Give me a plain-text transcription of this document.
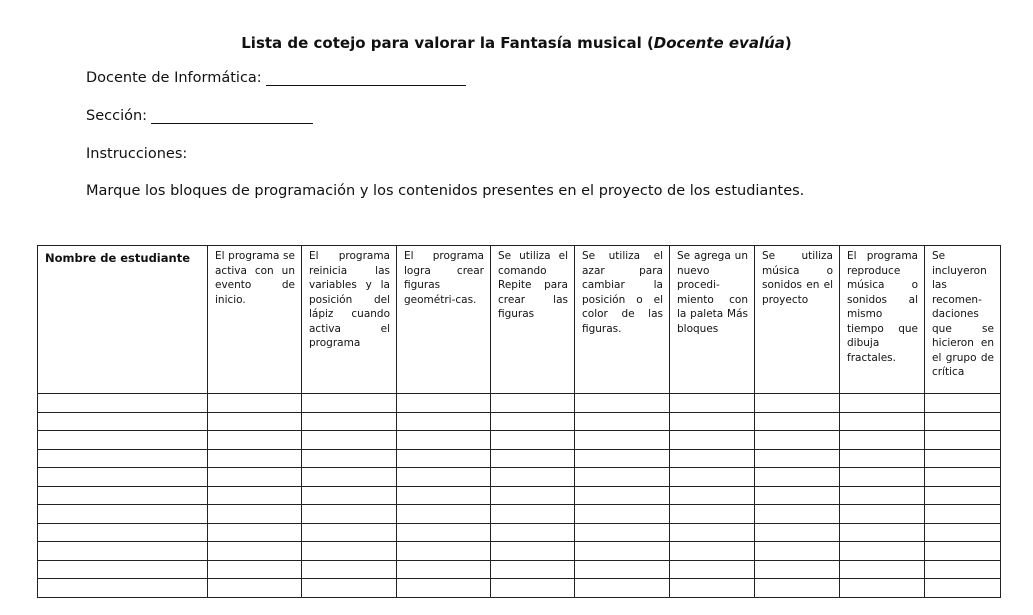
Lista de cotejo para valorar la Fantasía musical (Docente evalúa)
Docente de Informática:
Sección:
Instrucciones:
Marque los bloques de programación y los contenidos presentes en el proyecto de los estudiantes.
Nombre de estudiante	El programa se activa con un evento de inicio.	El programa reinicia las variables y la posición del lápiz cuando activa el programa	El programa logra crear figuras geométri-cas.	Se utiliza el comando Repite para crear las figuras	Se utiliza el azar para cambiar la posición o el color de las figuras.	Se agrega un nuevo procedi-miento con la paleta Más bloques	Se utiliza música o sonidos en el proyecto	El programa reproduce música o sonidos al mismo tiempo que dibuja fractales.	Se incluyeron las recomen-daciones que se hicieron en el grupo de crítica
